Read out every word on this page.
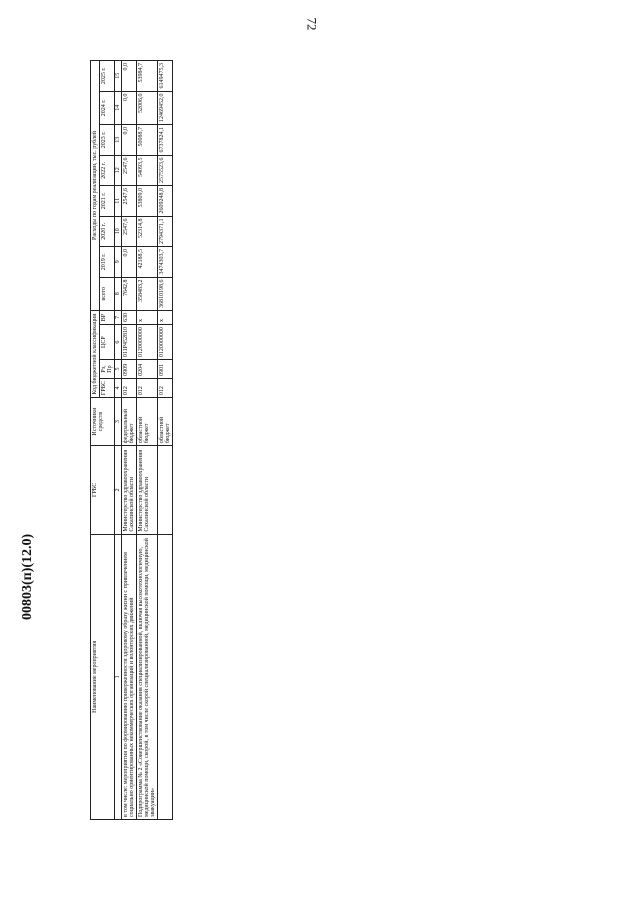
72
00803(п)(12.0)
Наименование мероприятия	ГРБС	Источники средств	Код бюджетной классификации				Расходы по годам реализации, тыс. рублей							
			ГРБС	Рз, Пр	ЦСР	ВР	всего	2019 г.	2020 г.	2021 г.	2022 г.	2023 г.	2024 г.	2025 г.
1	2	3	4	5	6	7	8	9	10	11	12	13	14	15
в том числе: мероприятия по формированию приверженности здоровому образу жизни с привлечением социально ориентированных некоммерческих организаций и волонтерских движений	Министерство здравоохранения Сахалинской области	федеральный бюджет	012	0909	011P452810	630	7642,8	0,0	2547,6	2547,6	2547,6	0,0	0,0	0,0
Подпрограмма № 2 «Совершенствование оказания специализированной, включая высокотехнологичную, медицинской помощи, скорой, в том числе скорой специализированной, медицинской помощи, медицинской эвакуации»	Министерство здравоохранения Сахалинской области	областной бюджет	012	0204	0120000000	х	358483,2	42188,5	52314,8	53809,0	54093,5	50088,7	52006,0	53984,7
		областной бюджет	012	0901	0120000000	х	36810198,6	3474303,7	2794371,1	2609248,8	2575523,6	6737824,1	12469452,0	6149475,3
